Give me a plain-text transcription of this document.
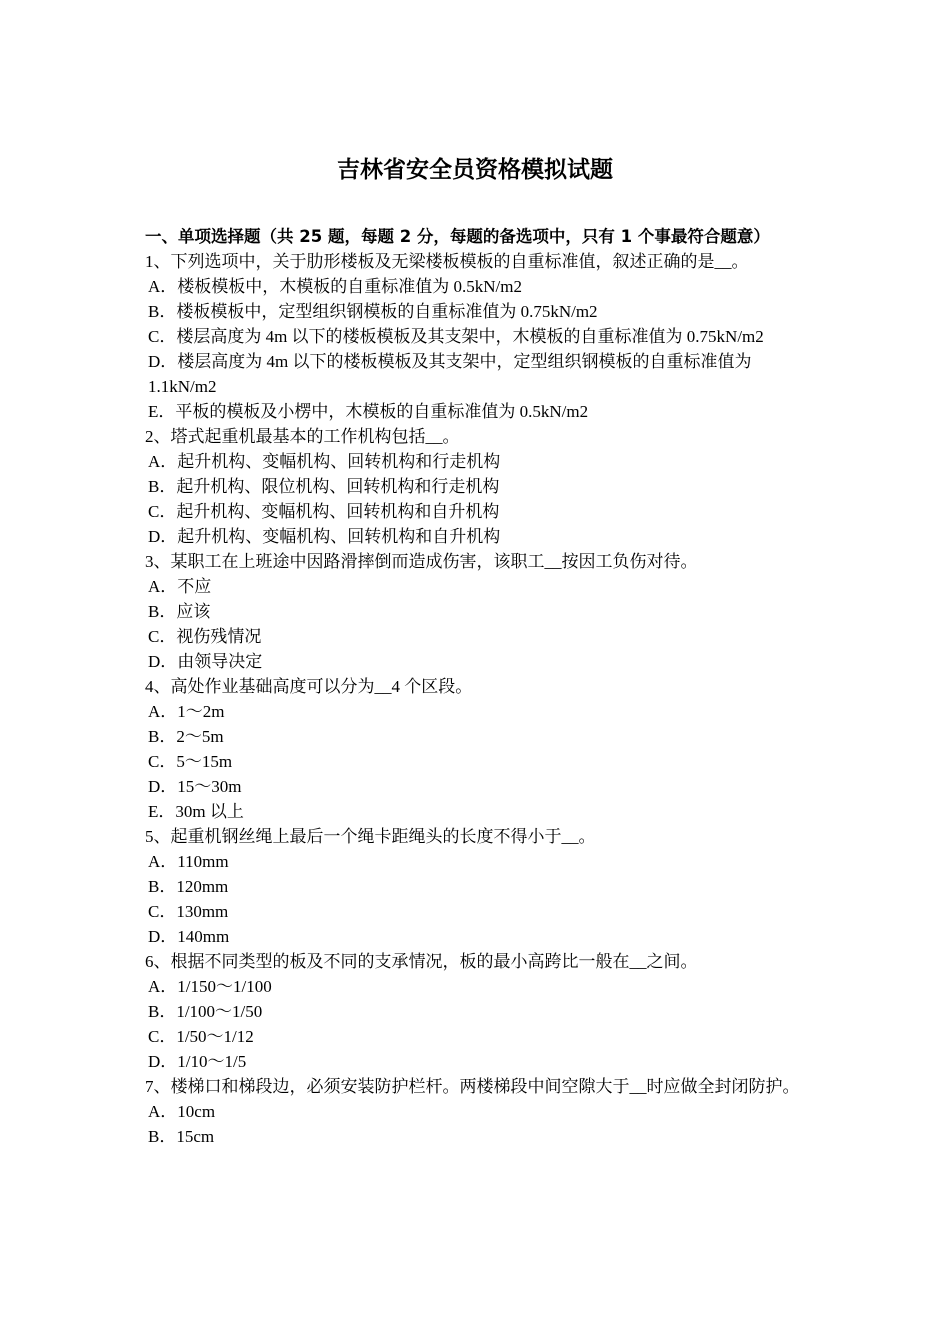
吉林省安全员资格模拟试题
一、单项选择题（共 25 题，每题 2 分，每题的备选项中，只有 1 个事最符合题意）
1、下列选项中，关于肋形楼板及无梁楼板模板的自重标准值，叙述正确的是__。
A．楼板模板中，木模板的自重标准值为 0.5kN/m2
B．楼板模板中，定型组织钢模板的自重标准值为 0.75kN/m2
C．楼层高度为 4m 以下的楼板模板及其支架中，木模板的自重标准值为 0.75kN/m2
D．楼层高度为 4m 以下的楼板模板及其支架中，定型组织钢模板的自重标准值为 1.1kN/m2
E．平板的模板及小楞中，木模板的自重标准值为 0.5kN/m2
2、塔式起重机最基本的工作机构包括__。
A．起升机构、变幅机构、回转机构和行走机构
B．起升机构、限位机构、回转机构和行走机构
C．起升机构、变幅机构、回转机构和自升机构
D．起升机构、变幅机构、回转机构和自升机构
3、某职工在上班途中因路滑摔倒而造成伤害，该职工__按因工负伤对待。
A．不应
B．应该
C．视伤残情况
D．由领导决定
4、高处作业基础高度可以分为__4 个区段。
A．1～2m
B．2～5m
C．5～15m
D．15～30m
E．30m 以上
5、起重机钢丝绳上最后一个绳卡距绳头的长度不得小于__。
A．110mm
B．120mm
C．130mm
D．140mm
6、根据不同类型的板及不同的支承情况，板的最小高跨比一般在__之间。
A．1/150～1/100
B．1/100～1/50
C．1/50～1/12
D．1/10～1/5
7、楼梯口和梯段边，必须安装防护栏杆。两楼梯段中间空隙大于__时应做全封闭防护。
A．10cm
B．15cm
